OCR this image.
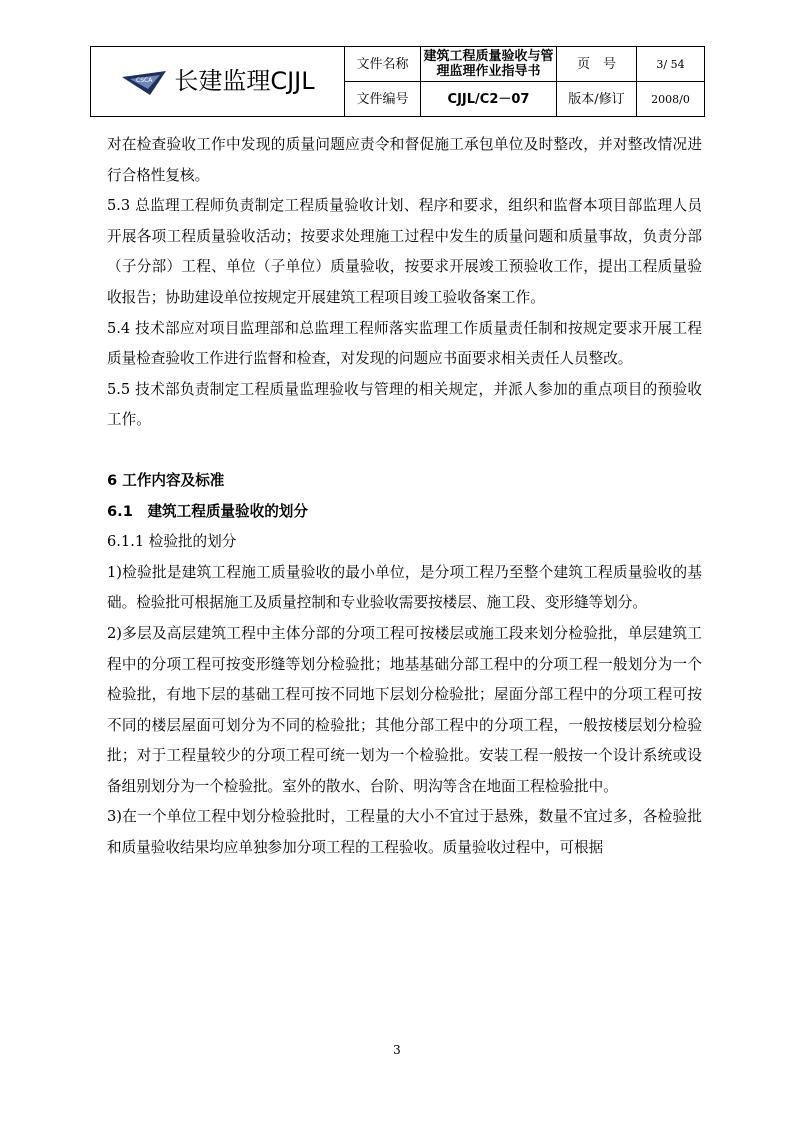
CSCA 长建监理CJJL	文件名称	建筑工程质量验收与管理监理作业指导书	页　号	3/ 54
	文件编号	CJJL/C2－07	版本/修订	2008/0

对在检查验收工作中发现的质量问题应责令和督促施工承包单位及时整改，并对整改情况进行合格性复核。

5.3 总监理工程师负责制定工程质量验收计划、程序和要求，组织和监督本项目部监理人员开展各项工程质量验收活动；按要求处理施工过程中发生的质量问题和质量事故，负责分部（子分部）工程、单位（子单位）质量验收，按要求开展竣工预验收工作，提出工程质量验收报告；协助建设单位按规定开展建筑工程项目竣工验收备案工作。

5.4 技术部应对项目监理部和总监理工程师落实监理工作质量责任制和按规定要求开展工程质量检查验收工作进行监督和检查，对发现的问题应书面要求相关责任人员整改。

5.5 技术部负责制定工程质量监理验收与管理的相关规定，并派人参加的重点项目的预验收工作。

6 工作内容及标准

6.1　建筑工程质量验收的划分

6.1.1 检验批的划分

1)检验批是建筑工程施工质量验收的最小单位，是分项工程乃至整个建筑工程质量验收的基础。检验批可根据施工及质量控制和专业验收需要按楼层、施工段、变形缝等划分。

2)多层及高层建筑工程中主体分部的分项工程可按楼层或施工段来划分检验批，单层建筑工程中的分项工程可按变形缝等划分检验批；地基基础分部工程中的分项工程一般划分为一个检验批，有地下层的基础工程可按不同地下层划分检验批；屋面分部工程中的分项工程可按不同的楼层屋面可划分为不同的检验批；其他分部工程中的分项工程，一般按楼层划分检验批；对于工程量较少的分项工程可统一划为一个检验批。安装工程一般按一个设计系统或设备组别划分为一个检验批。室外的散水、台阶、明沟等含在地面工程检验批中。

3)在一个单位工程中划分检验批时，工程量的大小不宜过于悬殊，数量不宜过多，各检验批和质量验收结果均应单独参加分项工程的工程验收。质量验收过程中，可根据

3
